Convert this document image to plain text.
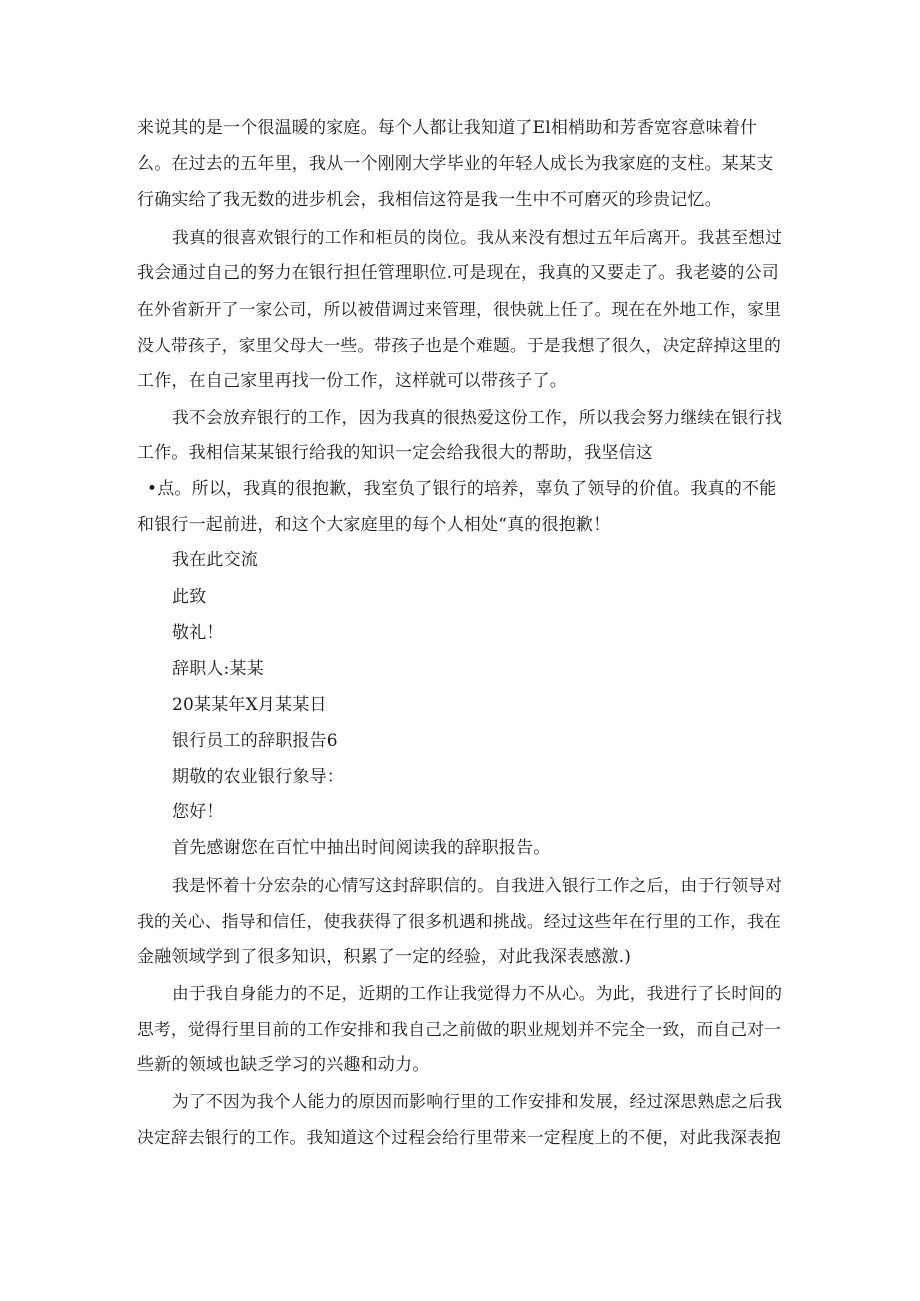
来说其的是一个很温暖的家庭。每个人都让我知道了El相梢助和芳香宽容意味着什
么。在过去的五年里，我从一个刚刚大学毕业的年轻人成长为我家庭的支柱。某某支
行确实给了我无数的进步机会，我相信这符是我一生中不可磨灭的珍贵记忆。
我真的很喜欢银行的工作和柜员的岗位。我从来没有想过五年后离开。我甚至想过
我会通过自己的努力在银行担任管理职位.可是现在，我真的又要走了。我老婆的公司
在外省新开了一家公司，所以被借调过来管理，很快就上任了。现在在外地工作，家里
没人带孩子，家里父母大一些。带孩子也是个难题。于是我想了很久，决定辞掉这里的
工作，在自己家里再找一份工作，这样就可以带孩子了。
我不会放弃银行的工作，因为我真的很热爱这份工作，所以我会努力继续在银行找
工作。我相信某某银行给我的知识一定会给我很大的帮助，我坚信这
•点。所以，我真的很抱歉，我室负了银行的培养，辜负了领导的价值。我真的不能
和银行一起前进，和这个大家庭里的每个人相处“真的很抱歉！
我在此交流
此致
敬礼！
辞职人:某某
20某某年X月某某日
银行员工的辞职报告6
期敬的农业银行象导：
您好！
首先感谢您在百忙中抽出时间阅读我的辞职报告。
我是怀着十分宏杂的心情写这封辞职信的。自我进入银行工作之后，由于行领导对
我的关心、指导和信任，使我获得了很多机遇和挑战。经过这些年在行里的工作，我在
金融领域学到了很多知识，积累了一定的经验，对此我深表感激.)
由于我自身能力的不足，近期的工作让我觉得力不从心。为此，我进行了长时间的
思考，觉得行里目前的工作安排和我自己之前做的职业规划并不完全一致，而自己对一
些新的领域也缺乏学习的兴趣和动力。
为了不因为我个人能力的原因而影响行里的工作安排和发展，经过深思熟虑之后我
决定辞去银行的工作。我知道这个过程会给行里带来一定程度上的不便，对此我深表抱
